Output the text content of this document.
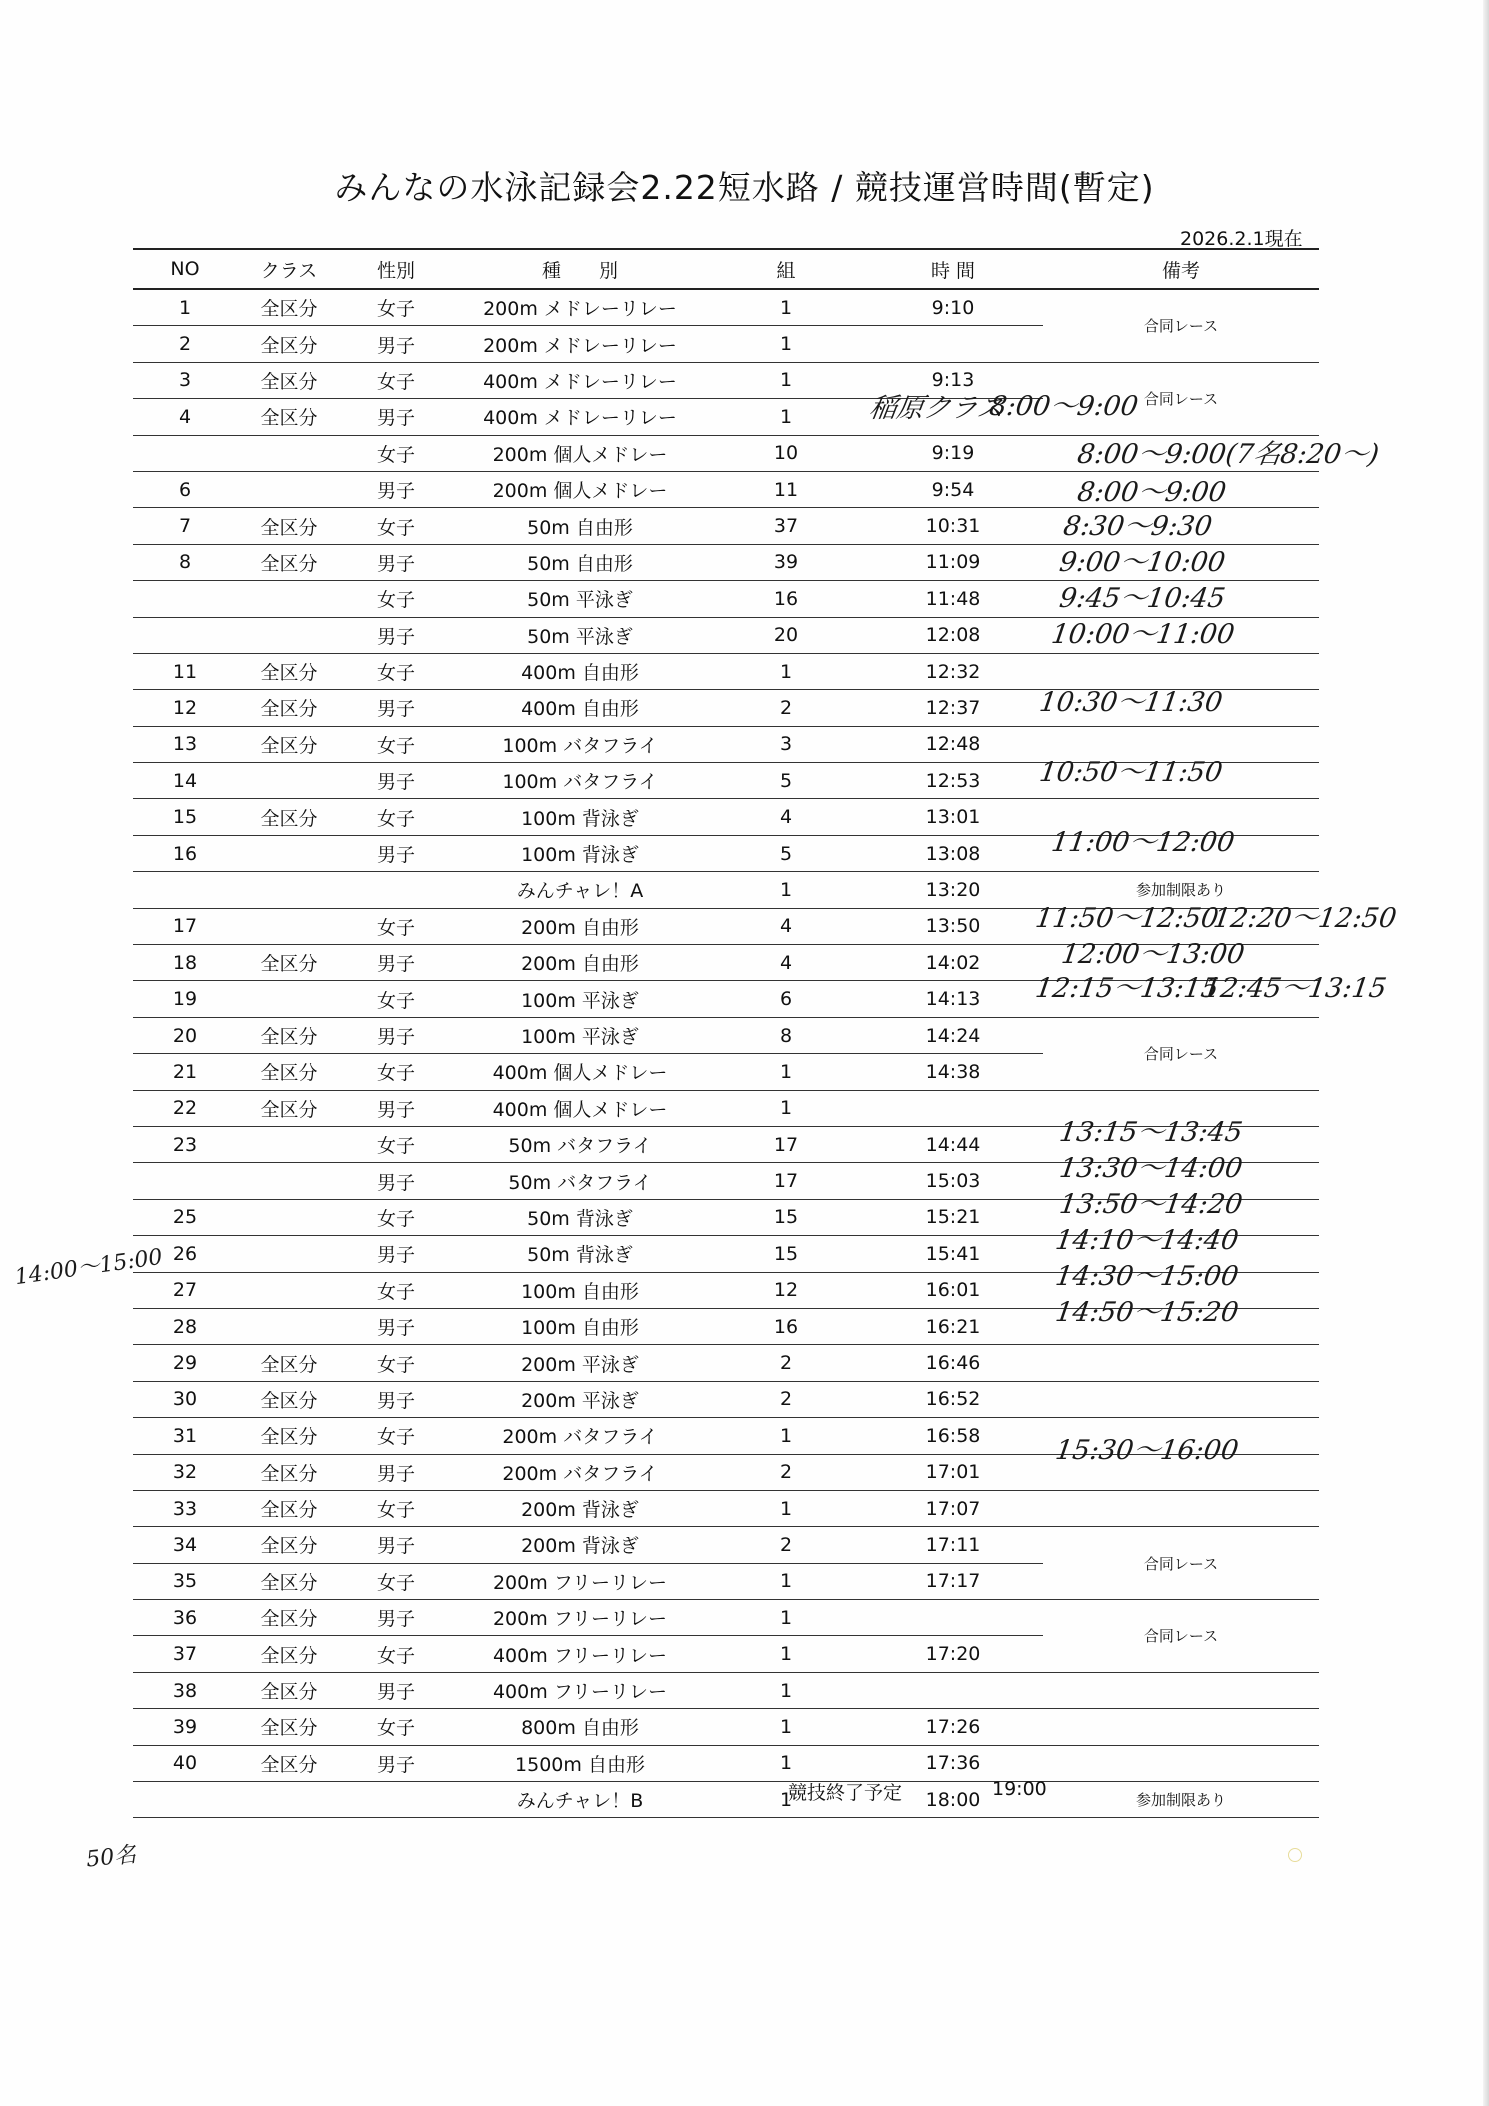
みんなの水泳記録会2.22短水路 / 競技運営時間(暫定)
2026.2.1現在
NO	クラス	性別	種　　別	組	時 間	備考
1	全区分	女子	200m メドレーリレー	1	9:10	合同レース
2	全区分	男子	200m メドレーリレー	1		
3	全区分	女子	400m メドレーリレー	1	9:13	合同レース
4	全区分	男子	400m メドレーリレー	1		
		女子	200m 個人メドレー	10	9:19	
6		男子	200m 個人メドレー	11	9:54	
7	全区分	女子	50m 自由形	37	10:31	
8	全区分	男子	50m 自由形	39	11:09	
		女子	50m 平泳ぎ	16	11:48	
		男子	50m 平泳ぎ	20	12:08	
11	全区分	女子	400m 自由形	1	12:32	
12	全区分	男子	400m 自由形	2	12:37	
13	全区分	女子	100m バタフライ	3	12:48	
14		男子	100m バタフライ	5	12:53	
15	全区分	女子	100m 背泳ぎ	4	13:01	
16		男子	100m 背泳ぎ	5	13:08	
			みんチャレ！A	1	13:20	参加制限あり
17		女子	200m 自由形	4	13:50	
18	全区分	男子	200m 自由形	4	14:02	
19		女子	100m 平泳ぎ	6	14:13	
20	全区分	男子	100m 平泳ぎ	8	14:24	合同レース
21	全区分	女子	400m 個人メドレー	1	14:38	
22	全区分	男子	400m 個人メドレー	1		
23		女子	50m バタフライ	17	14:44	
		男子	50m バタフライ	17	15:03	
25		女子	50m 背泳ぎ	15	15:21	
26		男子	50m 背泳ぎ	15	15:41	
27		女子	100m 自由形	12	16:01	
28		男子	100m 自由形	16	16:21	
29	全区分	女子	200m 平泳ぎ	2	16:46	
30	全区分	男子	200m 平泳ぎ	2	16:52	
31	全区分	女子	200m バタフライ	1	16:58	
32	全区分	男子	200m バタフライ	2	17:01	
33	全区分	女子	200m 背泳ぎ	1	17:07	
34	全区分	男子	200m 背泳ぎ	2	17:11	合同レース
35	全区分	女子	200m フリーリレー	1	17:17	
36	全区分	男子	200m フリーリレー	1		合同レース
37	全区分	女子	400m フリーリレー	1	17:20	
38	全区分	男子	400m フリーリレー	1		
39	全区分	女子	800m 自由形	1	17:26	
40	全区分	男子	1500m 自由形	1	17:36	
			みんチャレ！B	1	18:00	参加制限あり
競技終了予定	19:00
稲原クラス
8:00～9:00
8:00～9:00(7名8:20～)
8:00～9:00
8:30～9:30
9:00～10:00
9:45～10:45
10:00～11:00
10:30～11:30
10:50～11:50
11:00～12:00
11:50～12:50
12:20～12:50
12:00～13:00
12:15～13:15
12:45～13:15
13:15～13:45
13:30～14:00
13:50～14:20
14:10～14:40
14:30～15:00
14:50～15:20
15:30～16:00
14:00～15:00
50名
